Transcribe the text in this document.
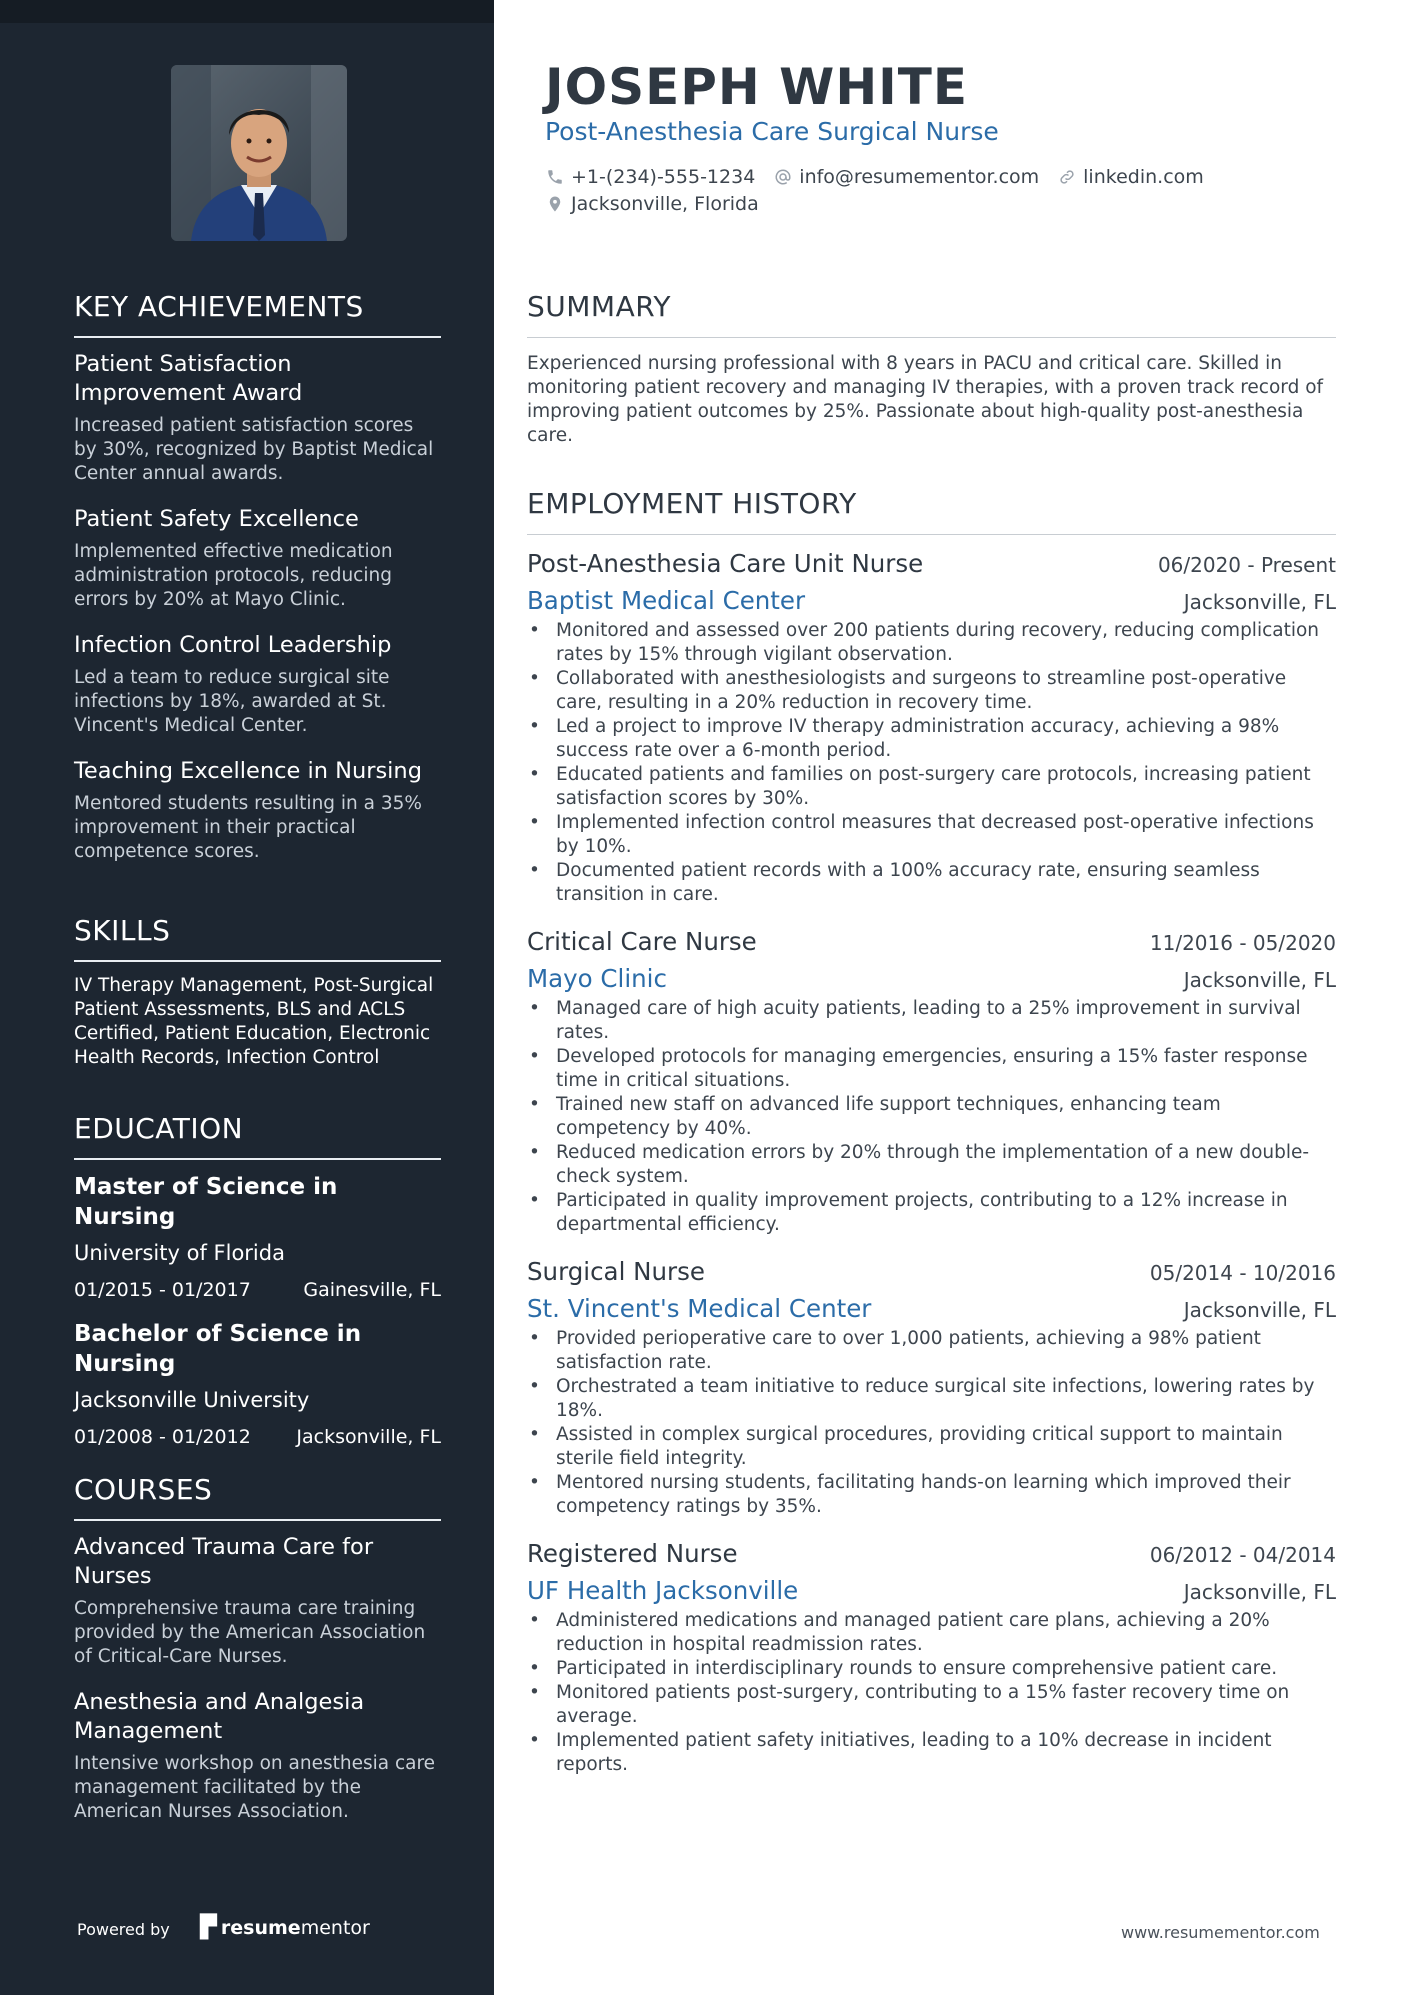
KEY ACHIEVEMENTS
Patient Satisfaction Improvement Award
Increased patient satisfaction scores by 30%, recognized by Baptist Medical Center annual awards.
Patient Safety Excellence
Implemented effective medication administration protocols, reducing errors by 20% at Mayo Clinic.
Infection Control Leadership
Led a team to reduce surgical site infections by 18%, awarded at St. Vincent's Medical Center.
Teaching Excellence in Nursing
Mentored students resulting in a 35% improvement in their practical competence scores.
SKILLS
IV Therapy Management, Post-Surgical Patient Assessments, BLS and ACLS Certified, Patient Education, Electronic Health Records, Infection Control
EDUCATION
Master of Science in Nursing
University of Florida
01/2015 - 01/2017	Gainesville, FL
Bachelor of Science in Nursing
Jacksonville University
01/2008 - 01/2012 Jacksonville, FL
COURSES
Advanced Trauma Care for Nurses
Comprehensive trauma care training provided by the American Association of Critical-Care Nurses.
Anesthesia and Analgesia Management
Intensive workshop on anesthesia care management facilitated by the American Nurses Association.
Powered by ▛ resume mentor
JOSEPH WHITE
Post-Anesthesia Care Surgical Nurse
+1-(234)-555-1234 info@resumementor.com linkedin.com
Jacksonville, Florida
SUMMARY
Experienced nursing professional with 8 years in PACU and critical care. Skilled in monitoring patient recovery and managing IV therapies, with a proven track record of improving patient outcomes by 25%. Passionate about high-quality post-anesthesia care.
EMPLOYMENT HISTORY
Post-Anesthesia Care Unit Nurse	06/2020 - Present
Baptist Medical Center	Jacksonville, FL
• Monitored and assessed over 200 patients during recovery, reducing complication rates by 15% through vigilant observation.
• Collaborated with anesthesiologists and surgeons to streamline post-operative care, resulting in a 20% reduction in recovery time.
• Led a project to improve IV therapy administration accuracy, achieving a 98% success rate over a 6-month period.
• Educated patients and families on post-surgery care protocols, increasing patient satisfaction scores by 30%.
• Implemented infection control measures that decreased post-operative infections by 10%.
• Documented patient records with a 100% accuracy rate, ensuring seamless transition in care.
Critical Care Nurse	11/2016 - 05/2020
Mayo Clinic	Jacksonville, FL
• Managed care of high acuity patients, leading to a 25% improvement in survival rates.
• Developed protocols for managing emergencies, ensuring a 15% faster response time in critical situations.
• Trained new staff on advanced life support techniques, enhancing team competency by 40%.
• Reduced medication errors by 20% through the implementation of a new double-check system.
• Participated in quality improvement projects, contributing to a 12% increase in departmental efficiency.
Surgical Nurse	05/2014 - 10/2016
St. Vincent's Medical Center	Jacksonville, FL
• Provided perioperative care to over 1,000 patients, achieving a 98% patient satisfaction rate.
• Orchestrated a team initiative to reduce surgical site infections, lowering rates by 18%.
• Assisted in complex surgical procedures, providing critical support to maintain sterile field integrity.
• Mentored nursing students, facilitating hands-on learning which improved their competency ratings by 35%.
Registered Nurse	06/2012 - 04/2014
UF Health Jacksonville	Jacksonville, FL
• Administered medications and managed patient care plans, achieving a 20% reduction in hospital readmission rates.
• Participated in interdisciplinary rounds to ensure comprehensive patient care.
• Monitored patients post-surgery, contributing to a 15% faster recovery time on average.
• Implemented patient safety initiatives, leading to a 10% decrease in incident reports.
www.resumementor.com
